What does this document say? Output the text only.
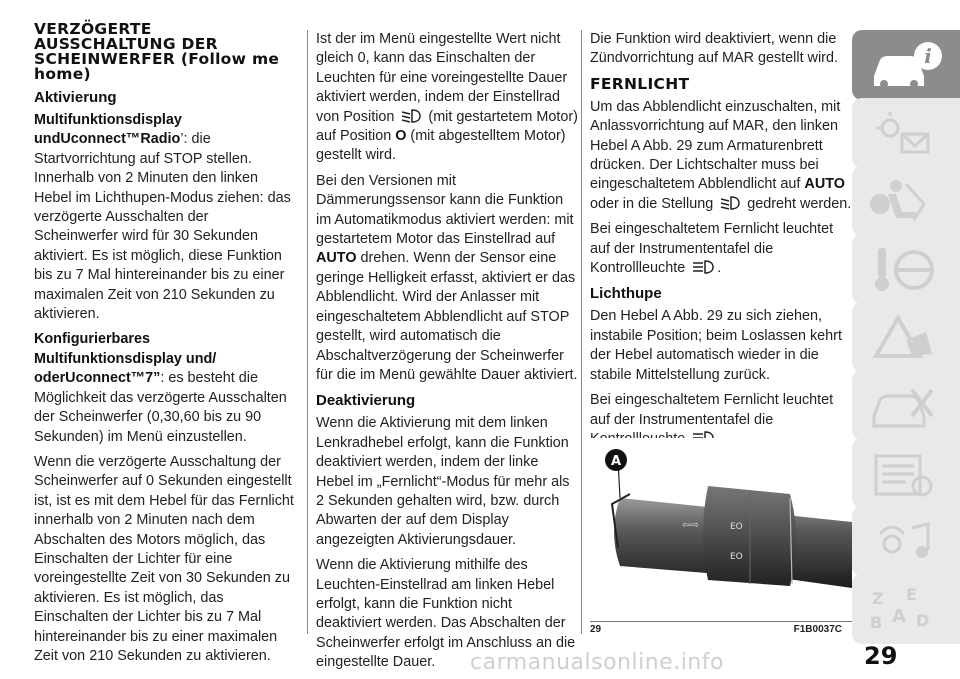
VERZÖGERTE AUSSCHALTUNG DER SCHEINWERFER (Follow me home)
Aktivierung

Multifunktionsdisplay undUconnect™Radio’: die Startvorrichtung auf STOP stellen. Innerhalb von 2 Minuten den linken Hebel im Lichthupen-Modus ziehen: das verzögerte Ausschalten der Scheinwerfer wird für 30 Sekunden aktiviert. Es ist möglich, diese Funktion bis zu 7 Mal hintereinander bis zu einer maximalen Zeit von 210 Sekunden zu aktivieren.

Konfigurierbares Multifunktionsdisplay und/ oderUconnect™7”: es besteht die Möglichkeit das verzögerte Ausschalten der Scheinwerfer (0,30,60 bis zu 90 Sekunden) im Menü einzustellen.

Wenn die verzögerte Ausschaltung der Scheinwerfer auf 0 Sekunden eingestellt ist, ist es mit dem Hebel für das Fernlicht innerhalb von 2 Minuten nach dem Abschalten des Motors möglich, das Einschalten der Lichter für eine voreingestellte Zeit von 30 Sekunden zu aktivieren. Es ist möglich, das Einschalten der Lichter bis zu 7 Mal hintereinander bis zu einer maximalen Zeit von 210 Sekunden zu aktivieren.

Ist der im Menü eingestellte Wert nicht gleich 0, kann das Einschalten der Leuchten für eine voreingestellte Dauer aktiviert werden, indem der Einstellrad von Position (mit gestartetem Motor) auf Position O (mit abgestelltem Motor) gestellt wird.

Bei den Versionen mit Dämmerungssensor kann die Funktion im Automatikmodus aktiviert werden: mit gestartetem Motor das Einstellrad auf AUTO drehen. Wenn der Sensor eine geringe Helligkeit erfasst, aktiviert er das Abblendlicht. Wird der Anlasser mit eingeschaltetem Abblendlicht auf STOP gestellt, wird automatisch die Abschaltverzögerung der Scheinwerfer für die im Menü gewählte Dauer aktiviert.

Deaktivierung

Wenn die Aktivierung mit dem linken Lenkradhebel erfolgt, kann die Funktion deaktiviert werden, indem der linke Hebel im „Fernlicht“-Modus für mehr als 2 Sekunden gehalten wird, bzw. durch Abwarten der auf dem Display angezeigten Aktivierungsdauer.

Wenn die Aktivierung mithilfe des Leuchten-Einstellrad am linken Hebel erfolgt, kann die Funktion nicht deaktiviert werden. Das Abschalten der Scheinwerfer erfolgt im Anschluss an die eingestellte Dauer.

Die Funktion wird deaktiviert, wenn die Zündvorrichtung auf MAR gestellt wird.

FERNLICHT

Um das Abblendlicht einzuschalten, mit Anlassvorrichtung auf MAR, den linken Hebel A Abb. 29 zum Armaturenbrett drücken. Der Lichtschalter muss bei eingeschaltetem Abblendlicht auf AUTO oder in die Stellung gedreht werden.

Bei eingeschaltetem Fernlicht leuchtet auf der Instrumententafel die Kontrollleuchte .

Lichthupe

Den Hebel A Abb. 29 zu sich ziehen, instabile Position; beim Loslassen kehrt der Hebel automatisch wieder in die stabile Mittelstellung zurück.

Bei eingeschaltetem Fernlicht leuchtet auf der Instrumententafel die Kontrollleuchte .

EO
⇦⇨
EO
A
29	F1B0037C
i
Z E
B A D
29
carmanualsonline.info
